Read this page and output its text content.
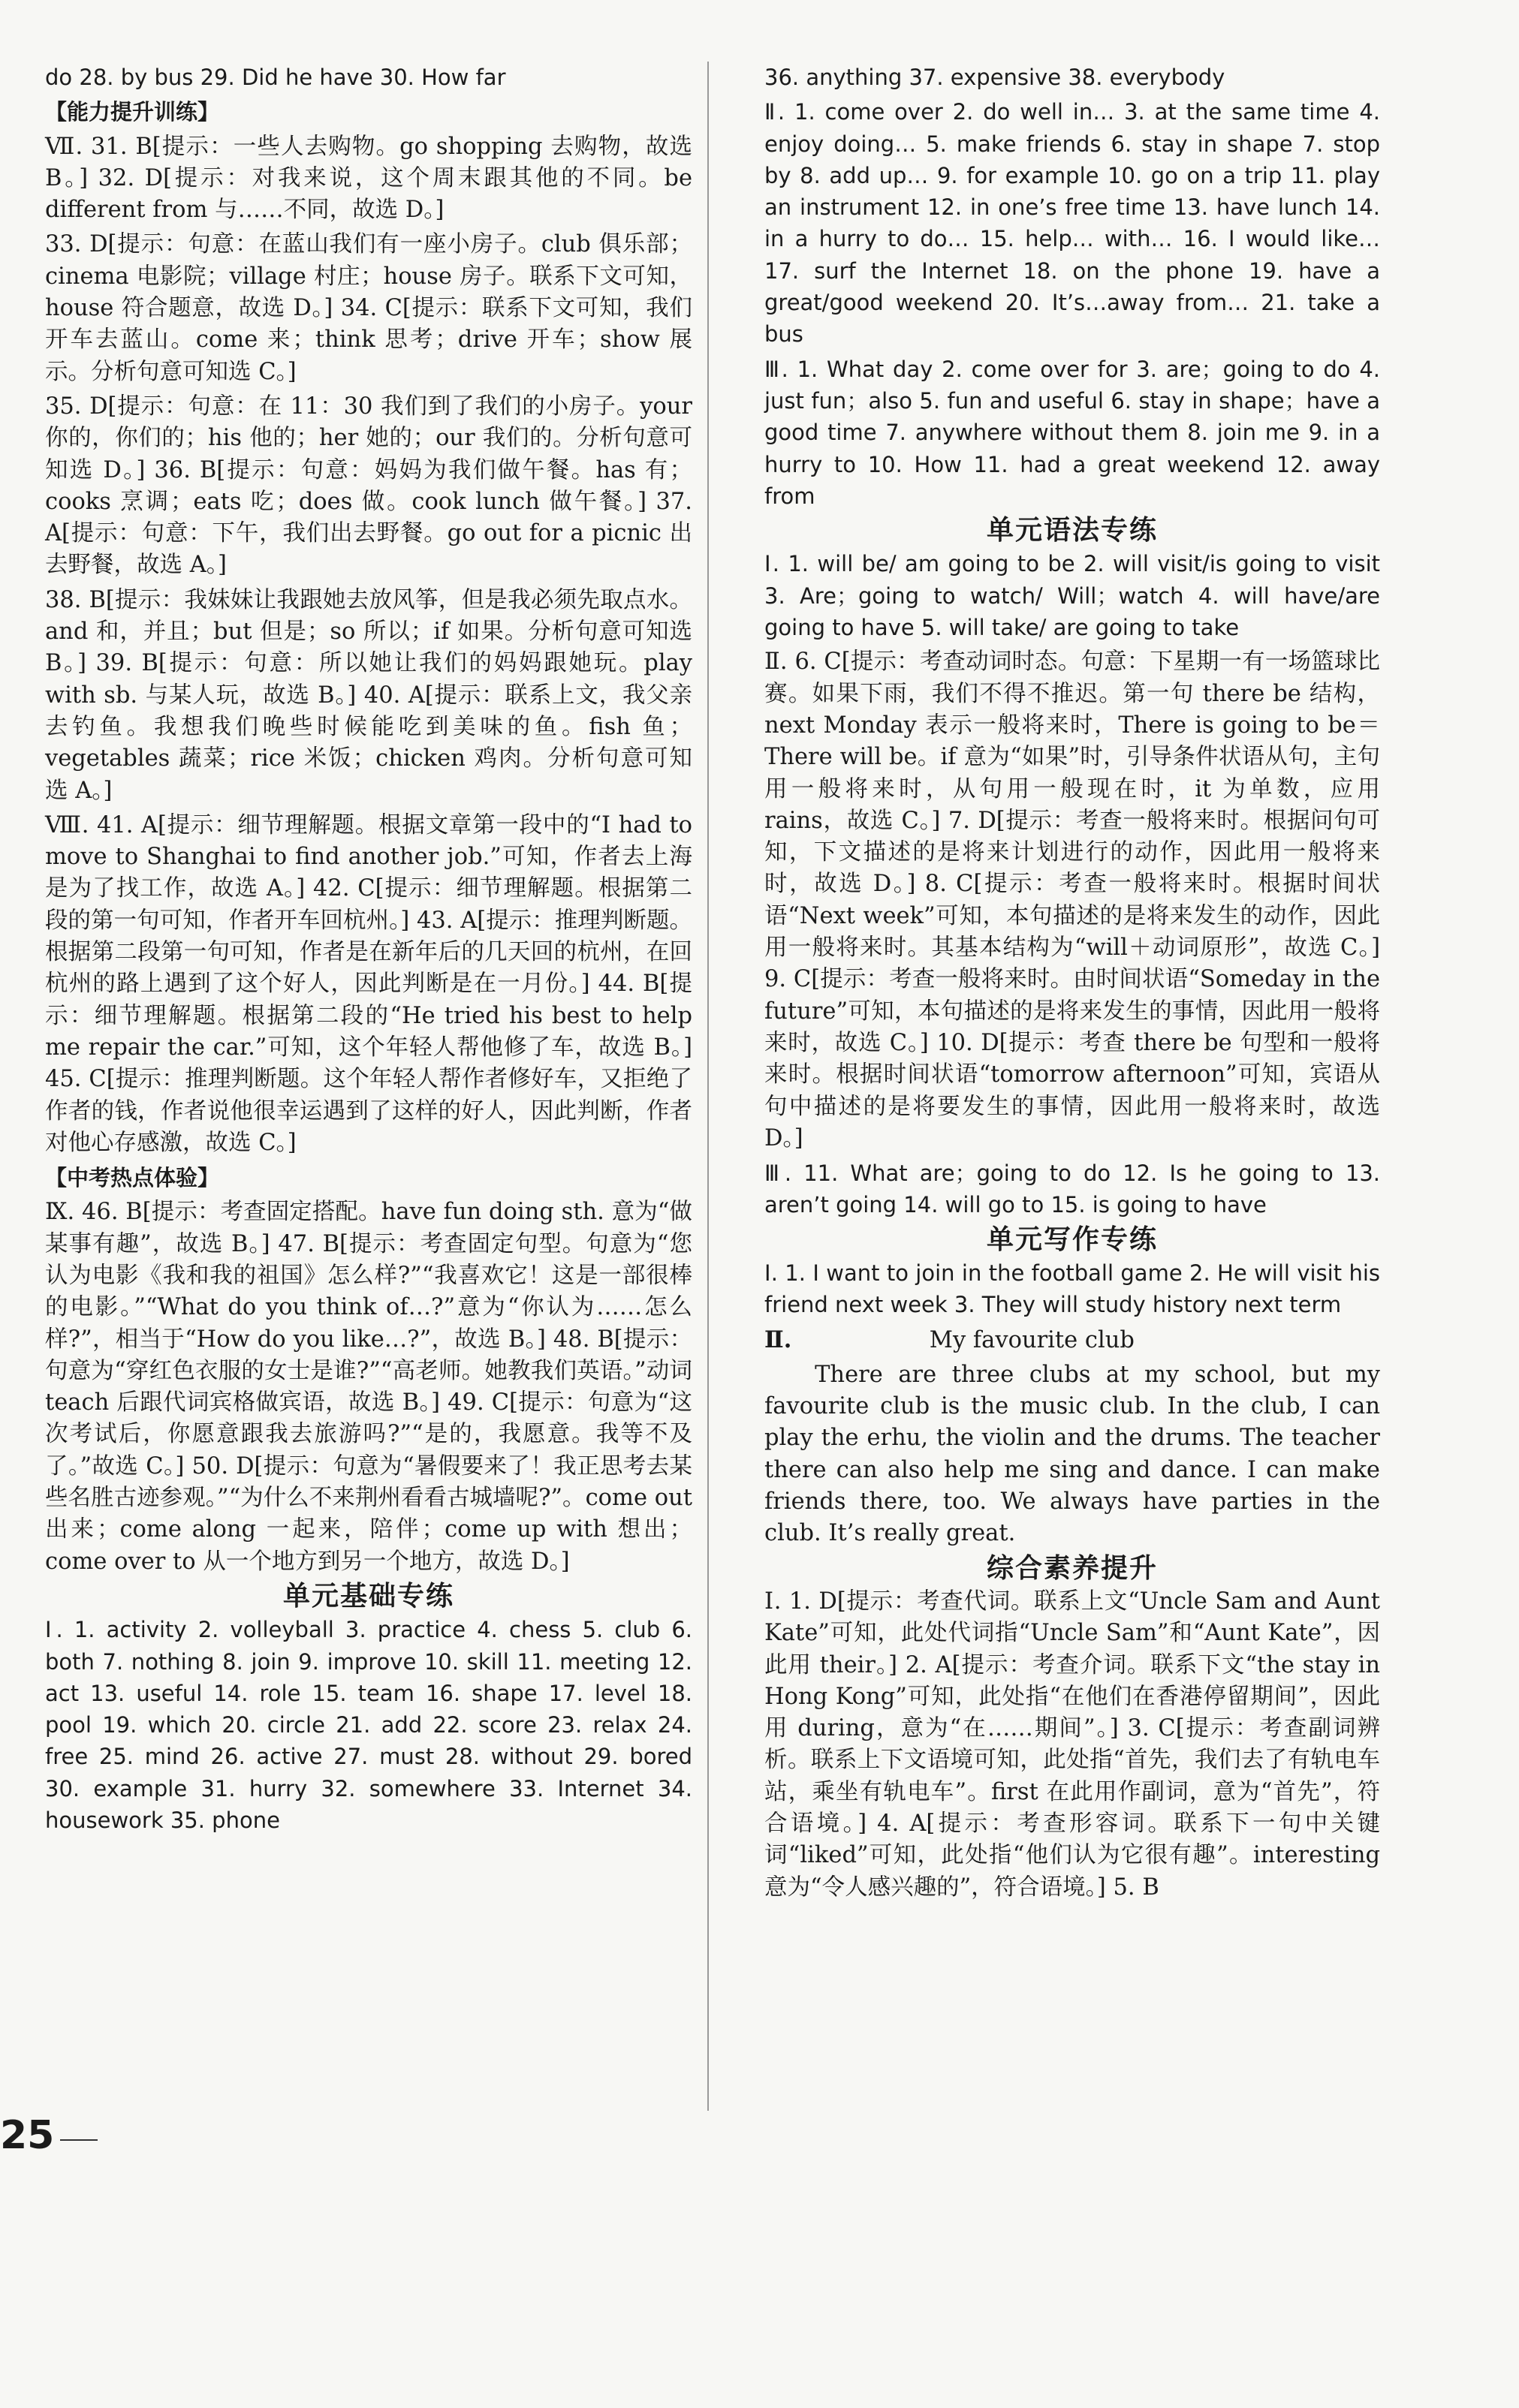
do 28. by bus 29. Did he have 30. How far
【能力提升训练】
Ⅶ. 31. B[提示：一些人去购物。go shopping 去购物，故选 B。] 32. D[提示：对我来说，这个周末跟其他的不同。be different from 与……不同，故选 D。]
33. D[提示：句意：在蓝山我们有一座小房子。club 俱乐部；cinema 电影院；village 村庄；house 房子。联系下文可知，house 符合题意，故选 D。] 34. C[提示：联系下文可知，我们开车去蓝山。come 来；think 思考；drive 开车；show 展示。分析句意可知选 C。]
35. D[提示：句意：在 11：30 我们到了我们的小房子。your 你的，你们的；his 他的；her 她的；our 我们的。分析句意可知选 D。] 36. B[提示：句意：妈妈为我们做午餐。has 有；cooks 烹调；eats 吃；does 做。cook lunch 做午餐。] 37. A[提示：句意：下午，我们出去野餐。go out for a picnic 出去野餐，故选 A。]
38. B[提示：我妹妹让我跟她去放风筝，但是我必须先取点水。and 和，并且；but 但是；so 所以；if 如果。分析句意可知选 B。] 39. B[提示：句意：所以她让我们的妈妈跟她玩。play with sb. 与某人玩，故选 B。] 40. A[提示：联系上文，我父亲去钓鱼。我想我们晚些时候能吃到美味的鱼。fish 鱼；vegetables 蔬菜；rice 米饭；chicken 鸡肉。分析句意可知选 A。]
Ⅷ. 41. A[提示：细节理解题。根据文章第一段中的“I had to move to Shanghai to find another job.”可知，作者去上海是为了找工作，故选 A。] 42. C[提示：细节理解题。根据第二段的第一句可知，作者开车回杭州。] 43. A[提示：推理判断题。根据第二段第一句可知，作者是在新年后的几天回的杭州，在回杭州的路上遇到了这个好人，因此判断是在一月份。] 44. B[提示：细节理解题。根据第二段的“He tried his best to help me repair the car.”可知，这个年轻人帮他修了车，故选 B。] 45. C[提示：推理判断题。这个年轻人帮作者修好车，又拒绝了作者的钱，作者说他很幸运遇到了这样的好人，因此判断，作者对他心存感激，故选 C。]
【中考热点体验】
Ⅸ. 46. B[提示：考查固定搭配。have fun doing sth. 意为“做某事有趣”，故选 B。] 47. B[提示：考查固定句型。句意为“您认为电影《我和我的祖国》怎么样?”“我喜欢它！这是一部很棒的电影。”“What do you think of…?”意为“你认为……怎么样?”，相当于“How do you like…?”，故选 B。] 48. B[提示：句意为“穿红色衣服的女士是谁?”“高老师。她教我们英语。”动词 teach 后跟代词宾格做宾语，故选 B。] 49. C[提示：句意为“这次考试后，你愿意跟我去旅游吗?”“是的，我愿意。我等不及了。”故选 C。] 50. D[提示：句意为“暑假要来了！我正思考去某些名胜古迹参观。”“为什么不来荆州看看古城墙呢?”。come out 出来；come along 一起来，陪伴；come up with 想出；come over to 从一个地方到另一个地方，故选 D。]
单元基础专练
Ⅰ. 1. activity 2. volleyball 3. practice 4. chess 5. club 6. both 7. nothing 8. join 9. improve 10. skill 11. meeting 12. act 13. useful 14. role 15. team 16. shape 17. level 18. pool 19. which 20. circle 21. add 22. score 23. relax 24. free 25. mind 26. active 27. must 28. without 29. bored 30. example 31. hurry 32. somewhere 33. Internet 34. housework 35. phone
36. anything 37. expensive 38. everybody
Ⅱ. 1. come over 2. do well in… 3. at the same time 4. enjoy doing… 5. make friends 6. stay in shape 7. stop by 8. add up… 9. for example 10. go on a trip 11. play an instrument 12. in one’s free time 13. have lunch 14. in a hurry to do… 15. help… with… 16. I would like… 17. surf the Internet 18. on the phone 19. have a great/good weekend 20. It’s…away from… 21. take a bus
Ⅲ. 1. What day 2. come over for 3. are；going to do 4. just fun；also 5. fun and useful 6. stay in shape；have a good time 7. anywhere without them 8. join me 9. in a hurry to 10. How 11. had a great weekend 12. away from
单元语法专练
Ⅰ. 1. will be/ am going to be 2. will visit/is going to visit 3. Are；going to watch/ Will；watch 4. will have/are going to have 5. will take/ are going to take
Ⅱ. 6. C[提示：考查动词时态。句意：下星期一有一场篮球比赛。如果下雨，我们不得不推迟。第一句 there be 结构，next Monday 表示一般将来时，There is going to be＝There will be。if 意为“如果”时，引导条件状语从句，主句用一般将来时，从句用一般现在时，it 为单数，应用 rains，故选 C。] 7. D[提示：考查一般将来时。根据问句可知，下文描述的是将来计划进行的动作，因此用一般将来时，故选 D。] 8. C[提示：考查一般将来时。根据时间状语“Next week”可知，本句描述的是将来发生的动作，因此用一般将来时。其基本结构为“will＋动词原形”，故选 C。] 9. C[提示：考查一般将来时。由时间状语“Someday in the future”可知，本句描述的是将来发生的事情，因此用一般将来时，故选 C。] 10. D[提示：考查 there be 句型和一般将来时。根据时间状语“tomorrow afternoon”可知，宾语从句中描述的是将要发生的事情，因此用一般将来时，故选 D。]
Ⅲ. 11. What are；going to do 12. Is he going to 13. aren’t going 14. will go to 15. is going to have
单元写作专练
Ⅰ. 1. I want to join in the football game 2. He will visit his friend next week 3. They will study history next term
Ⅱ.	My favourite club
There are three clubs at my school, but my favourite club is the music club. In the club, I can play the erhu, the violin and the drums. The teacher there can also help me sing and dance. I can make friends there, too. We always have parties in the club. It’s really great.
综合素养提升
Ⅰ. 1. D[提示：考查代词。联系上文“Uncle Sam and Aunt Kate”可知，此处代词指“Uncle Sam”和“Aunt Kate”，因此用 their。] 2. A[提示：考查介词。联系下文“the stay in Hong Kong”可知，此处指“在他们在香港停留期间”，因此用 during，意为“在……期间”。] 3. C[提示：考查副词辨析。联系上下文语境可知，此处指“首先，我们去了有轨电车站，乘坐有轨电车”。first 在此用作副词，意为“首先”，符合语境。] 4. A[提示：考查形容词。联系下一句中关键词“liked”可知，此处指“他们认为它很有趣”。interesting 意为“令人感兴趣的”，符合语境。] 5. B
25
